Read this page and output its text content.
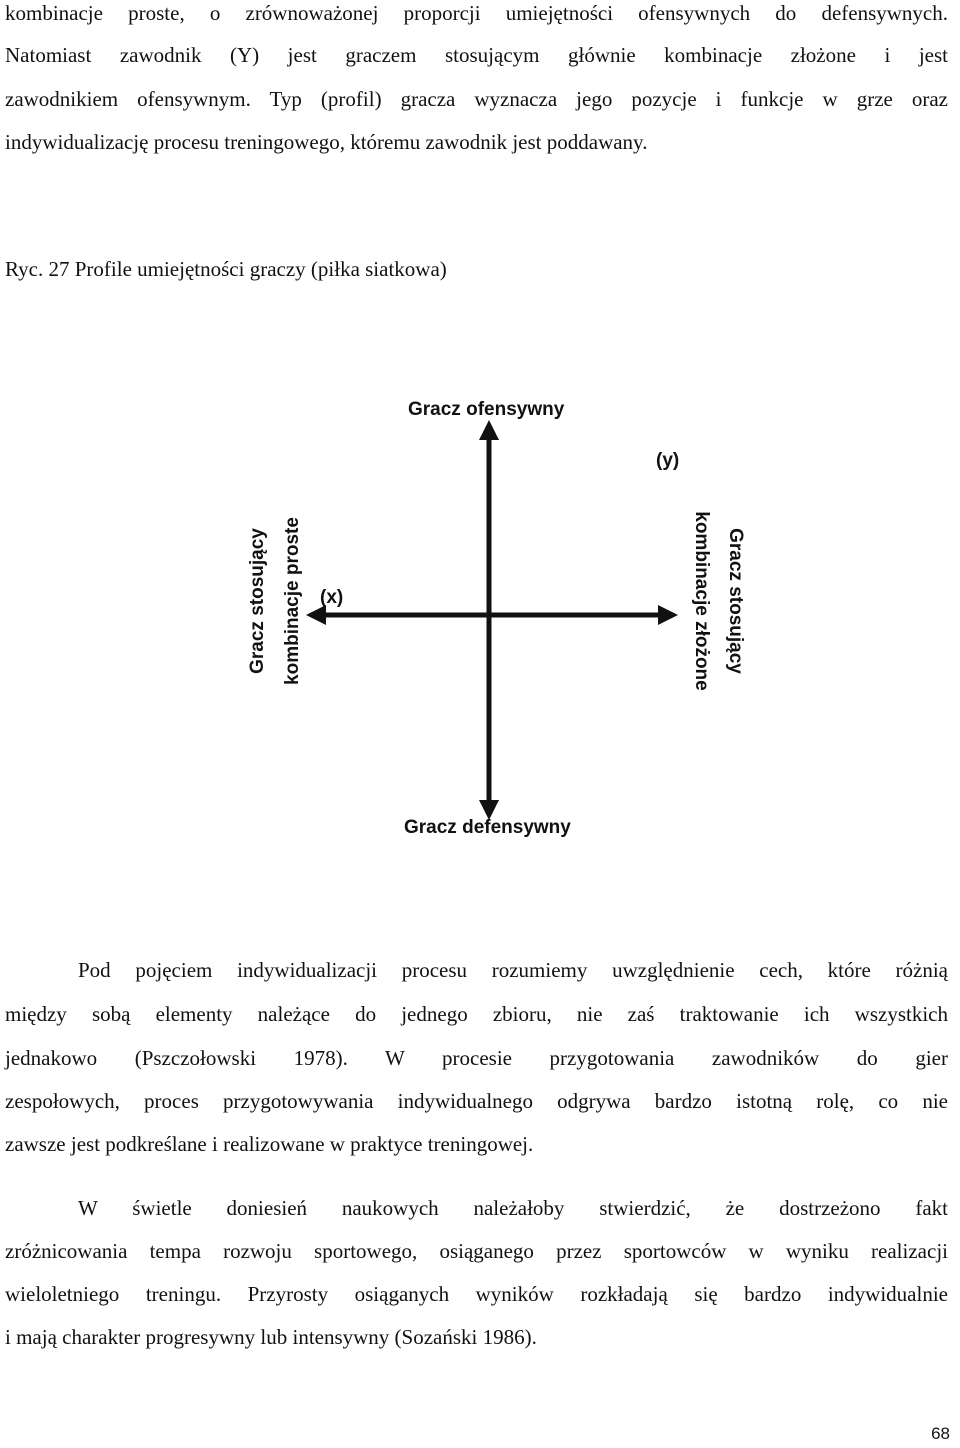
kombinacje proste, o zrównoważonej proporcji umiejętności ofensywnych do defensywnych.
Natomiast zawodnik (Y) jest graczem stosującym głównie kombinacje złożone i jest
zawodnikiem ofensywnym. Typ (profil) gracza wyznacza jego pozycje i funkcje w grze oraz
indywidualizację procesu treningowego, któremu zawodnik jest poddawany.
Ryc. 27 Profile umiejętności graczy (piłka siatkowa)
Gracz ofensywny
Gracz defensywny
(y)
(x)
Gracz stosujący kombinacje proste	Gracz stosujący
kombinacje złożone
Pod pojęciem indywidualizacji procesu rozumiemy uwzględnienie cech, które różnią
między sobą elementy należące do jednego zbioru, nie zaś traktowanie ich wszystkich
jednakowo (Pszczołowski 1978). W procesie przygotowania zawodników do gier
zespołowych, proces przygotowywania indywidualnego odgrywa bardzo istotną rolę, co nie
zawsze jest podkreślane i realizowane w praktyce treningowej.
W świetle doniesień naukowych należałoby stwierdzić, że dostrzeżono fakt
zróżnicowania tempa rozwoju sportowego, osiąganego przez sportowców w wyniku realizacji
wieloletniego treningu. Przyrosty osiąganych wyników rozkładają się bardzo indywidualnie
i mają charakter progresywny lub intensywny (Sozański 1986).
68
